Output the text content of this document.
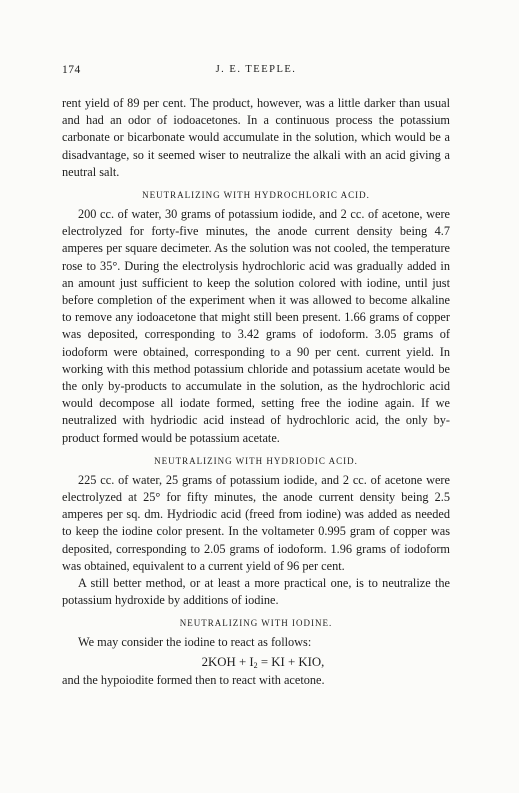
174	J. E. TEEPLE.

rent yield of 89 per cent. The product, however, was a little darker than usual and had an odor of iodoacetones. In a continuous process the potassium carbonate or bicarbonate would accumulate in the solution, which would be a disadvantage, so it seemed wiser to neutralize the alkali with an acid giving a neutral salt.

NEUTRALIZING WITH HYDROCHLORIC ACID.

200 cc. of water, 30 grams of potassium iodide, and 2 cc. of acetone, were electrolyzed for forty-five minutes, the anode current density being 4.7 amperes per square decimeter. As the solution was not cooled, the temperature rose to 35°. During the electrolysis hydrochloric acid was gradually added in an amount just sufficient to keep the solution colored with iodine, until just before completion of the experiment when it was allowed to become alkaline to remove any iodoacetone that might still been present. 1.66 grams of copper was deposited, corresponding to 3.42 grams of iodoform. 3.05 grams of iodoform were obtained, corresponding to a 90 per cent. current yield. In working with this method potassium chloride and potassium acetate would be the only by-products to accumulate in the solution, as the hydrochloric acid would decompose all iodate formed, setting free the iodine again. If we neutralized with hydriodic acid instead of hydrochloric acid, the only by-product formed would be potassium acetate.

NEUTRALIZING WITH HYDRIODIC ACID.

225 cc. of water, 25 grams of potassium iodide, and 2 cc. of acetone were electrolyzed at 25° for fifty minutes, the anode current density being 2.5 amperes per sq. dm. Hydriodic acid (freed from iodine) was added as needed to keep the iodine color present. In the voltameter 0.995 gram of copper was deposited, corresponding to 2.05 grams of iodoform. 1.96 grams of iodoform was obtained, equivalent to a current yield of 96 per cent.

A still better method, or at least a more practical one, is to neutralize the potassium hydroxide by additions of iodine.

NEUTRALIZING WITH IODINE.

We may consider the iodine to react as follows:

$2KOH + I_2$ = KI + KIO,

and the hypoiodite formed then to react with acetone.
